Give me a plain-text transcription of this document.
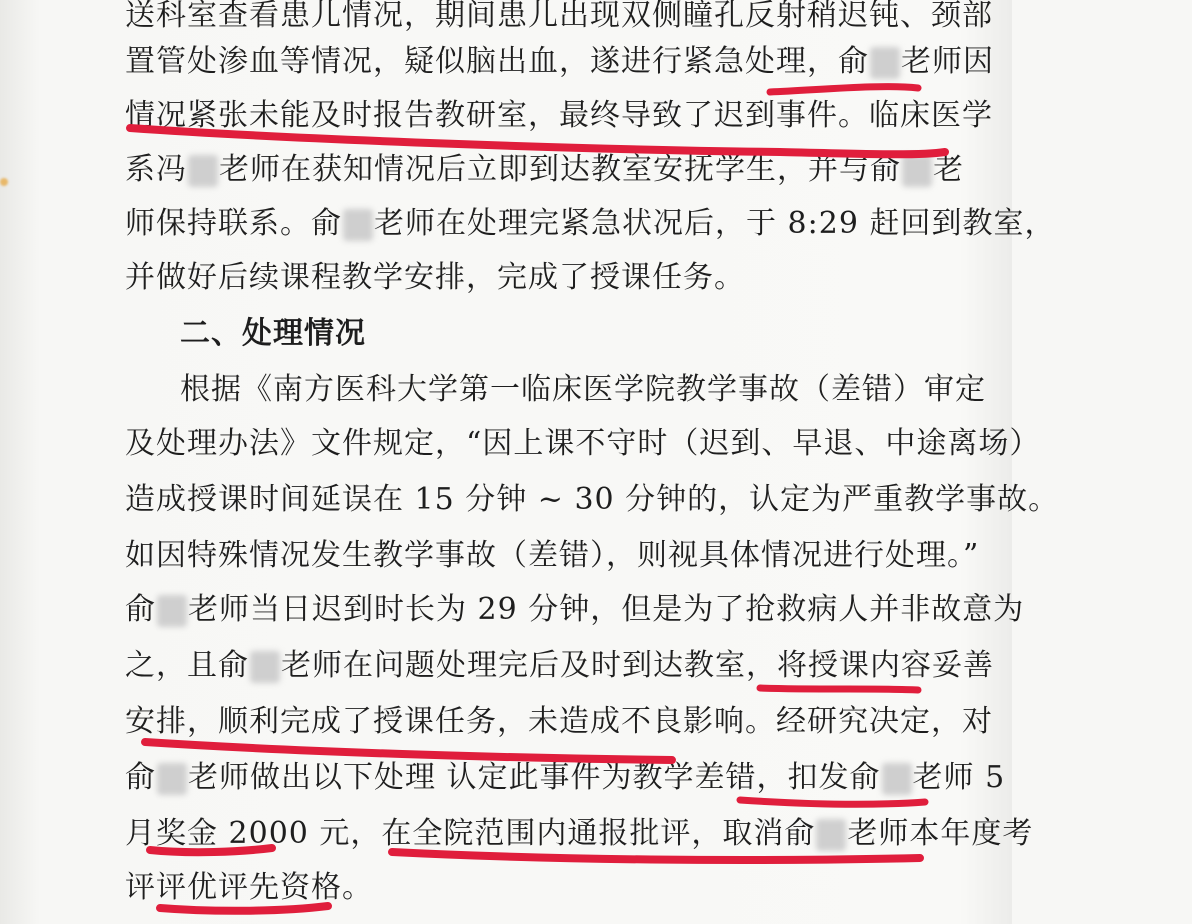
送科室查看患儿情况，期间患儿出现双侧瞳孔反射稍迟钝、颈部
置管处渗血等情况，疑似脑出血，遂进行紧急处理，俞 老师因
情况紧张未能及时报告教研室，最终导致了迟到事件。临床医学
系冯 老师在获知情况后立即到达教室安抚学生，并与俞 老
师保持联系。俞 老师在处理完紧急状况后，于 8:29 赶回到教室，
并做好后续课程教学安排，完成了授课任务。
二、处理情况
根据《南方医科大学第一临床医学院教学事故（差错）审定
及处理办法》文件规定，“因上课不守时（迟到、早退、中途离场）
造成授课时间延误在 15 分钟 ~ 30 分钟的，认定为严重教学事故。
如因特殊情况发生教学事故（差错），则视具体情况进行处理。”
俞 老师当日迟到时长为 29 分钟，但是为了抢救病人并非故意为
之，且俞 老师在问题处理完后及时到达教室，将授课内容妥善
安排，顺利完成了授课任务，未造成不良影响。经研究决定，对
俞 老师做出以下处理 认定此事件为教学差错，扣发俞 老师 5
月奖金 2000 元，在全院范围内通报批评，取消俞 老师本年度考
评评优评先资格。
